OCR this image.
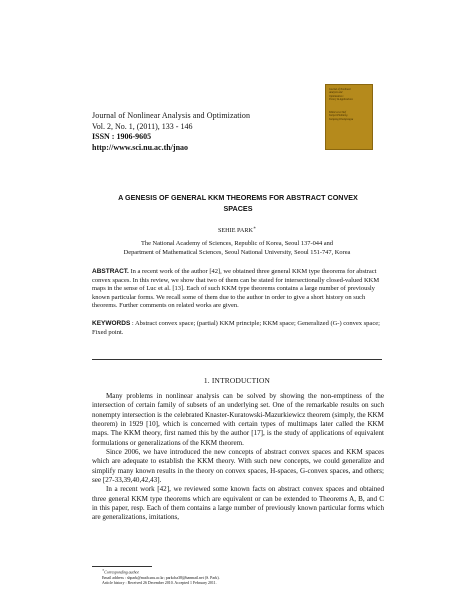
Journal of Nonlinear Analysis and Optimization
Vol. 2, No. 1, (2011), 133 - 146
ISSN : 1906-9605
http://www.sci.nu.ac.th/jnao
Journal of Nonlinear
Analysis and
Optimization :
Theory & Applications
Editors-in-Chief
Somyot Plubtieng
Sompong Dhompongsa
A GENESIS OF GENERAL KKM THEOREMS FOR ABSTRACT CONVEX
SPACES
SEHIE PARK∗
The National Academy of Sciences, Republic of Korea, Seoul 137-044 and
Department of Mathematical Sciences, Seoul National University, Seoul 151-747, Korea
ABSTRACT. In a recent work of the author [42], we obtained three general KKM type theorems for abstract convex spaces. In this review, we show that two of them can be stated for intersectionally closed-valued KKM maps in the sense of Luc et al. [13]. Each of such KKM type theorems contains a large number of previously known particular forms. We recall some of them due to the author in order to give a short history on such theorems. Further comments on related works are given.
KEYWORDS : Abstract convex space; (partial) KKM principle; KKM space; Generalized (G-) convex space; Fixed point.
1. INTRODUCTION

Many problems in nonlinear analysis can be solved by showing the non-emptiness of the intersection of certain family of subsets of an underlying set. One of the remarkable results on such nonempty intersection is the celebrated Knaster-Kuratowski-Mazurkiewicz theorem (simply, the KKM theorem) in 1929 [10], which is concerned with certain types of multimaps later called the KKM maps. The KKM theory, first named this by the author [17], is the study of applications of equivalent formulations or generalizations of the KKM theorem.

Since 2006, we have introduced the new concepts of abstract convex spaces and KKM spaces which are adequate to establish the KKM theory. With such new concepts, we could generalize and simplify many known results in the theory on convex spaces, H-spaces, G-convex spaces, and others; see [27-33,39,40,42,43].

In a recent work [42], we reviewed some known facts on abstract convex spaces and obtained three general KKM type theorems which are equivalent or can be extended to Theorems A, B, and C in this paper, resp. Each of them contains a large number of previously known particular forms which are generalizations, imitations,

∗Corresponding author.
Email address : shpark@math.snu.ac.kr; parkcha38@hanmail.net (S. Park).
Article history : Received 26 December 2010. Accepted 1 February 2011.
